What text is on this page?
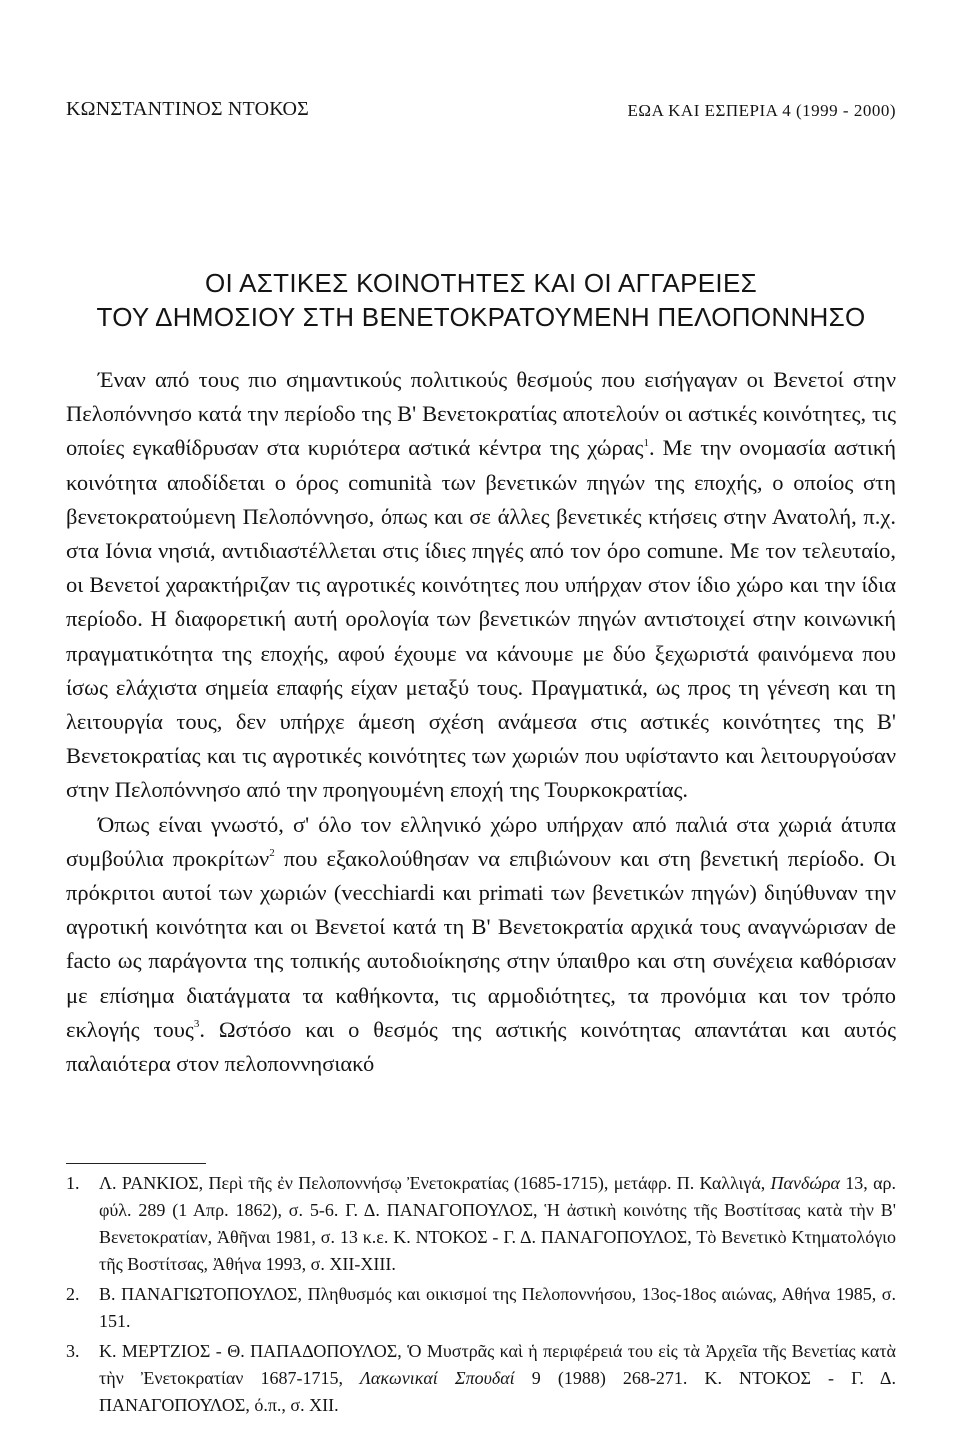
ΚΩΝΣΤΑΝΤΙΝΟΣ ΝΤΟΚΟΣ	ΕΩΑ ΚΑΙ ΕΣΠΕΡΙΑ 4 (1999 - 2000)
ΟΙ ΑΣΤΙΚΕΣ ΚΟΙΝΟΤΗΤΕΣ ΚΑΙ ΟΙ ΑΓΓΑΡΕΙΕΣ
ΤΟΥ ΔΗΜΟΣΙΟΥ ΣΤΗ ΒΕΝΕΤΟΚΡΑΤΟΥΜΕΝΗ ΠΕΛΟΠΟΝΝΗΣΟ

Έναν από τους πιο σημαντικούς πολιτικούς θεσμούς που εισήγαγαν οι Βενετοί στην Πελοπόννησο κατά την περίοδο της Β' Βενετοκρατίας αποτελούν οι αστικές κοινότητες, τις οποίες εγκαθίδρυσαν στα κυριότερα αστικά κέντρα της χώρας$^1$. Με την ονομασία αστική κοινότητα αποδίδεται ο όρος comunità των βενετικών πηγών της εποχής, ο οποίος στη βενετοκρατούμενη Πελοπόννησο, όπως και σε άλλες βενετικές κτήσεις στην Ανατολή, π.χ. στα Ιόνια νησιά, αντιδιαστέλλεται στις ίδιες πηγές από τον όρο comune. Με τον τελευταίο, οι Βενετοί χαρακτήριζαν τις αγροτικές κοινότητες που υπήρχαν στον ίδιο χώρο και την ίδια περίοδο. Η διαφορετική αυτή ορολογία των βενετικών πηγών αντιστοιχεί στην κοινωνική πραγματικότητα της εποχής, αφού έχουμε να κάνουμε με δύο ξεχωριστά φαινόμενα που ίσως ελάχιστα σημεία επαφής είχαν μεταξύ τους. Πραγματικά, ως προς τη γένεση και τη λειτουργία τους, δεν υπήρχε άμεση σχέση ανάμεσα στις αστικές κοινότητες της Β' Βενετοκρατίας και τις αγροτικές κοινότητες των χωριών που υφίσταντο και λειτουργούσαν στην Πελοπόννησο από την προηγουμένη εποχή της Τουρκοκρατίας.

Όπως είναι γνωστό, σ' όλο τον ελληνικό χώρο υπήρχαν από παλιά στα χωριά άτυπα συμβούλια προκρίτων$^2$ που εξακολούθησαν να επιβιώνουν και στη βενετική περίοδο. Οι πρόκριτοι αυτοί των χωριών (vecchiardi και primati των βενετικών πηγών) διηύθυναν την αγροτική κοινότητα και οι Βενετοί κατά τη Β' Βενετοκρατία αρχικά τους αναγνώρισαν de facto ως παράγοντα της τοπικής αυτοδιοίκησης στην ύπαιθρο και στη συνέχεια καθόρισαν με επίσημα διατάγματα τα καθήκοντα, τις αρμοδιότητες, τα προνόμια και τον τρόπο εκλογής τους$^3$. Ωστόσο και ο θεσμός της αστικής κοινότητας απαντάται και αυτός παλαιότερα στον πελοποννησιακό

1.	Λ. ΡΑΝΚΙΟΣ, Περὶ τῆς ἐν Πελοποννήσῳ Ἐνετοκρατίας (1685-1715), μετάφρ. Π. Καλλιγά, Πανδώρα 13, αρ. φύλ. 289 (1 Απρ. 1862), σ. 5-6. Γ. Δ. ΠΑΝΑΓΟΠΟΥΛΟΣ, Ἡ ἀστικὴ κοινότης τῆς Βοστίτσας κατὰ τὴν Β' Βενετοκρατίαν, Ἀθῆναι 1981, σ. 13 κ.ε. Κ. ΝΤΟΚΟΣ - Γ. Δ. ΠΑΝΑΓΟΠΟΥΛΟΣ, Τὸ Βενετικὸ Κτηματολόγιο τῆς Βοστίτσας, Ἀθήνα 1993, σ. XII-XIII.
2.	Β. ΠΑΝΑΓΙΩΤΟΠΟΥΛΟΣ, Πληθυσμός και οικισμοί της Πελοποννήσου, 13ος-18ος αιώνας, Αθήνα 1985, σ. 151.
3.	Κ. ΜΕΡΤΖΙΟΣ - Θ. ΠΑΠΑΔΟΠΟΥΛΟΣ, Ὁ Μυστρᾶς καὶ ἡ περιφέρειά του εἰς τὰ Ἀρχεῖα τῆς Βενετίας κατὰ τὴν Ἐνετοκρατίαν 1687-1715, Λακωνικαί Σπουδαί 9 (1988) 268-271. Κ. ΝΤΟΚΟΣ - Γ. Δ. ΠΑΝΑΓΟΠΟΥΛΟΣ, ό.π., σ. XII.
